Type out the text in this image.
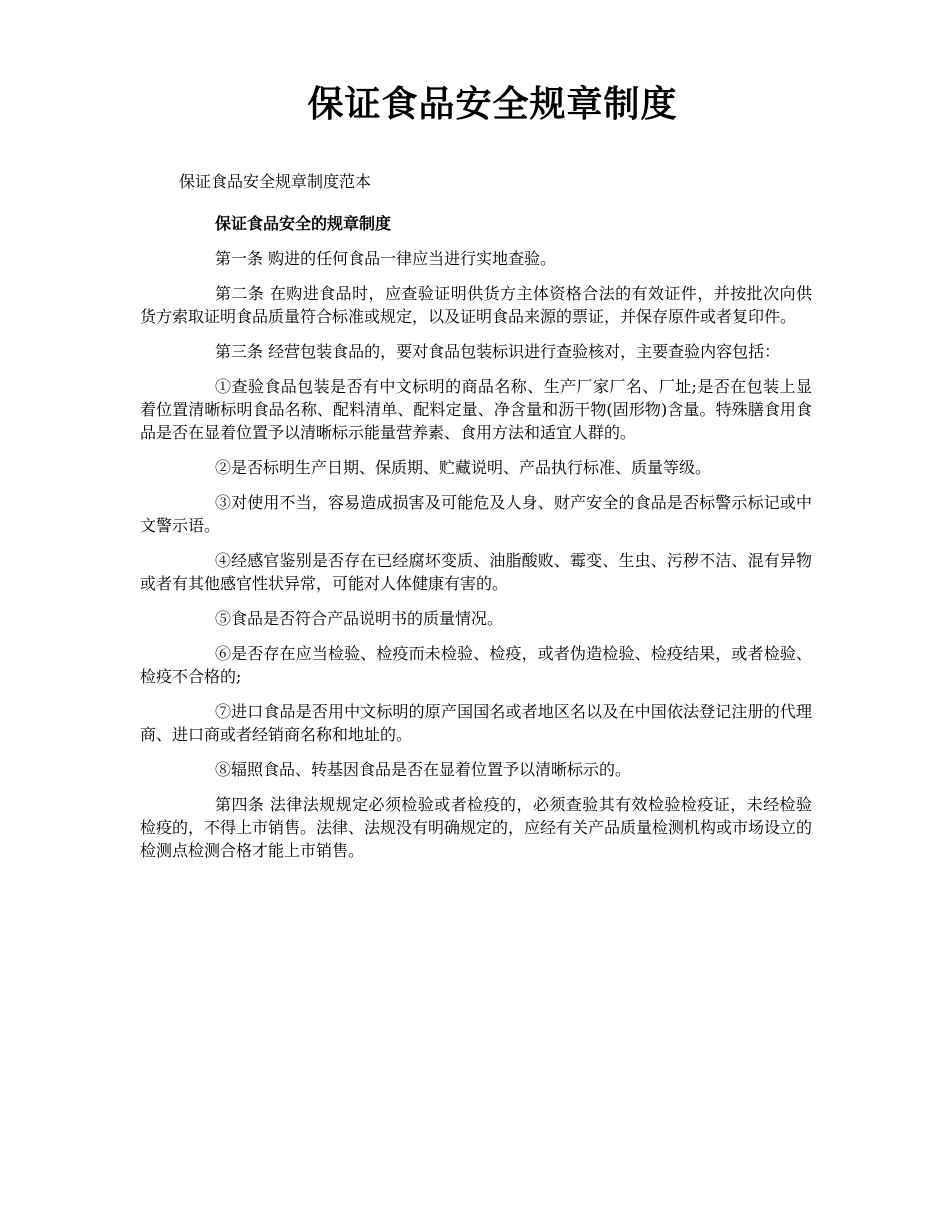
保证食品安全规章制度

保证食品安全规章制度范本

保证食品安全的规章制度

第一条 购进的任何食品一律应当进行实地查验。

第二条 在购进食品时，应查验证明供货方主体资格合法的有效证件，并按批次向供货方索取证明食品质量符合标准或规定，以及证明食品来源的票证，并保存原件或者复印件。

第三条 经营包装食品的，要对食品包装标识进行查验核对，主要查验内容包括：

①查验食品包装是否有中文标明的商品名称、生产厂家厂名、厂址;是否在包装上显着位置清晰标明食品名称、配料清单、配料定量、净含量和沥干物(固形物)含量。特殊膳食用食品是否在显着位置予以清晰标示能量营养素、食用方法和适宜人群的。

②是否标明生产日期、保质期、贮藏说明、产品执行标准、质量等级。

③对使用不当，容易造成损害及可能危及人身、财产安全的食品是否标警示标记或中文警示语。

④经感官鉴别是否存在已经腐坏变质、油脂酸败、霉变、生虫、污秽不洁、混有异物或者有其他感官性状异常，可能对人体健康有害的。

⑤食品是否符合产品说明书的质量情况。

⑥是否存在应当检验、检疫而未检验、检疫，或者伪造检验、检疫结果，或者检验、检疫不合格的;

⑦进口食品是否用中文标明的原产国国名或者地区名以及在中国依法登记注册的代理商、进口商或者经销商名称和地址的。

⑧辐照食品、转基因食品是否在显着位置予以清晰标示的。

第四条 法律法规规定必须检验或者检疫的，必须查验其有效检验检疫证，未经检验检疫的，不得上市销售。法律、法规没有明确规定的，应经有关产品质量检测机构或市场设立的检测点检测合格才能上市销售。
